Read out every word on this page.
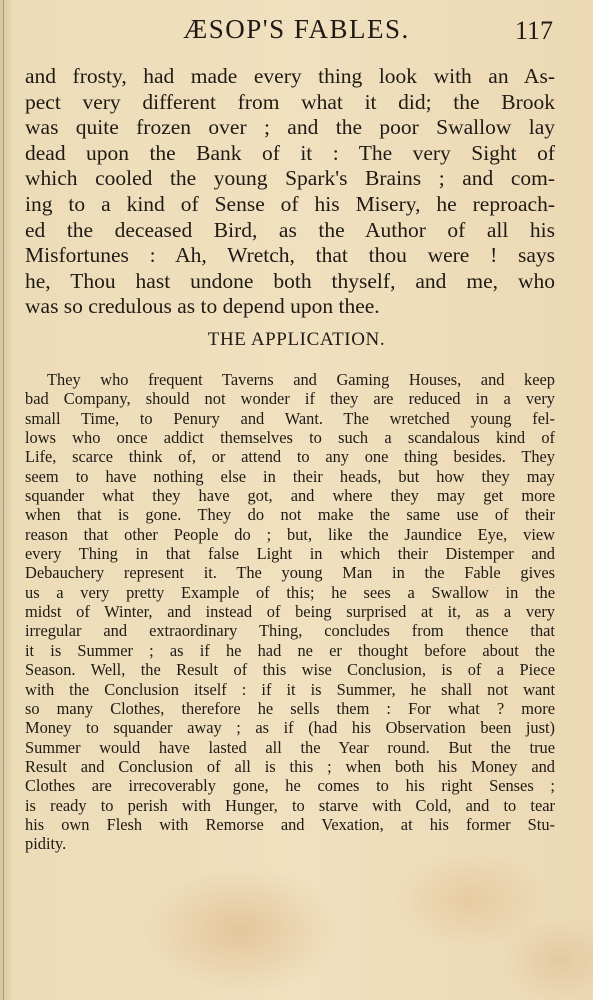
ÆSOP'S FABLES.	117
and frosty, had made every thing look with an As-
pect very different from what it did; the Brook
was quite frozen over ; and the poor Swallow lay
dead upon the Bank of it : The very Sight of
which cooled the young Spark's Brains ; and com-
ing to a kind of Sense of his Misery, he reproach-
ed the deceased Bird, as the Author of all his
Misfortunes : Ah, Wretch, that thou were ! says
he, Thou hast undone both thyself, and me, who
was so credulous as to depend upon thee.
THE APPLICATION.
They who frequent Taverns and Gaming Houses, and keep
bad Company, should not wonder if they are reduced in a very
small Time, to Penury and Want. The wretched young fel-
lows who once addict themselves to such a scandalous kind of
Life, scarce think of, or attend to any one thing besides. They
seem to have nothing else in their heads, but how they may
squander what they have got, and where they may get more
when that is gone. They do not make the same use of their
reason that other People do ; but, like the Jaundice Eye, view
every Thing in that false Light in which their Distemper and
Debauchery represent it. The young Man in the Fable gives
us a very pretty Example of this; he sees a Swallow in the
midst of Winter, and instead of being surprised at it, as a very
irregular and extraordinary Thing, concludes from thence that
it is Summer ; as if he had ne er thought before about the
Season. Well, the Result of this wise Conclusion, is of a Piece
with the Conclusion itself : if it is Summer, he shall not want
so many Clothes, therefore he sells them : For what ? more
Money to squander away ; as if (had his Observation been just)
Summer would have lasted all the Year round. But the true
Result and Conclusion of all is this ; when both his Money and
Clothes are irrecoverably gone, he comes to his right Senses ;
is ready to perish with Hunger, to starve with Cold, and to tear
his own Flesh with Remorse and Vexation, at his former Stu-
pidity.
